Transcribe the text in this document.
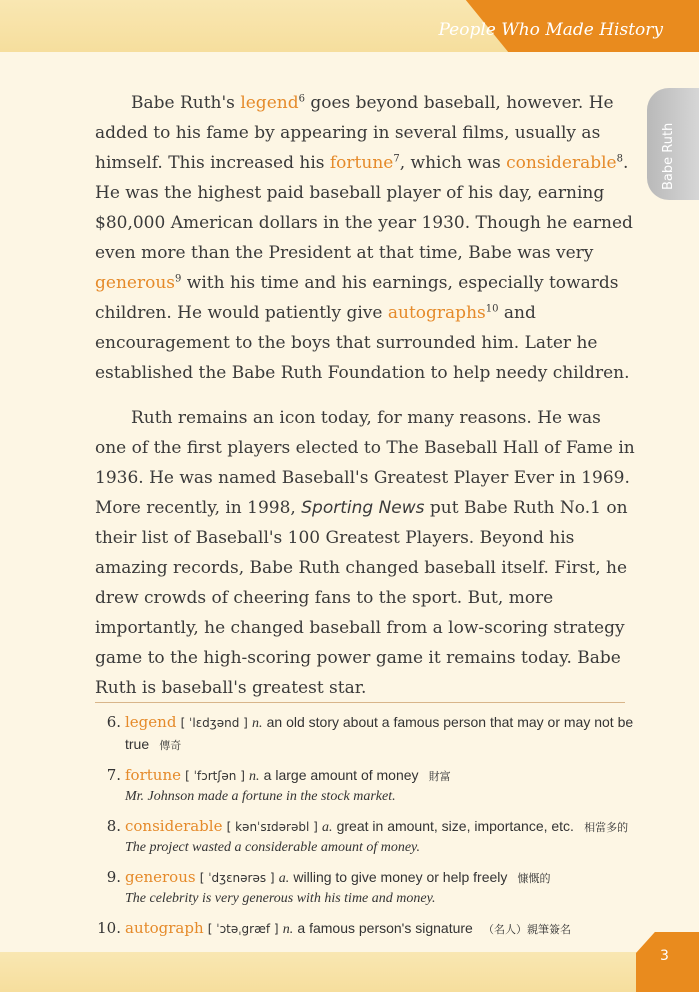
People Who Made History
Babe Ruth

Babe Ruth's legend$^6$ goes beyond baseball, however. He added to his fame by appearing in several films, usually as himself. This increased his fortune$^7$, which was considerable$^8$. He was the highest paid baseball player of his day, earning $80,000 American dollars in the year 1930. Though he earned even more than the President at that time, Babe was very generous$^9$ with his time and his earnings, especially towards children. He would patiently give autographs$^{10}$ and encouragement to the boys that surrounded him. Later he established the Babe Ruth Foundation to help needy children.

Ruth remains an icon today, for many reasons. He was one of the first players elected to The Baseball Hall of Fame in 1936. He was named Baseball's Greatest Player Ever in 1969. More recently, in 1998, Sporting News put Babe Ruth No.1 on their list of Baseball's 100 Greatest Players. Beyond his amazing records, Babe Ruth changed baseball itself. First, he drew crowds of cheering fans to the sport. But, more importantly, he changed baseball from a low-scoring strategy game to the high-scoring power game it remains today. Babe Ruth is baseball's greatest star.

6. legend [ ˈlɛdʒənd ] n. an old story about a famous person that may or may not be true 傳奇
7. fortune [ ˈfɔrtʃən ] n. a large amount of money 財富
Mr. Johnson made a fortune in the stock market.
8. considerable [ kənˈsɪdərəbl ] a. great in amount, size, importance, etc. 相當多的
The project wasted a considerable amount of money.
9. generous [ ˈdʒɛnərəs ] a. willing to give money or help freely 慷慨的
The celebrity is very generous with his time and money.
10. autograph [ ˈɔtəˌgræf ] n. a famous person's signature （名人）親筆簽名
3
